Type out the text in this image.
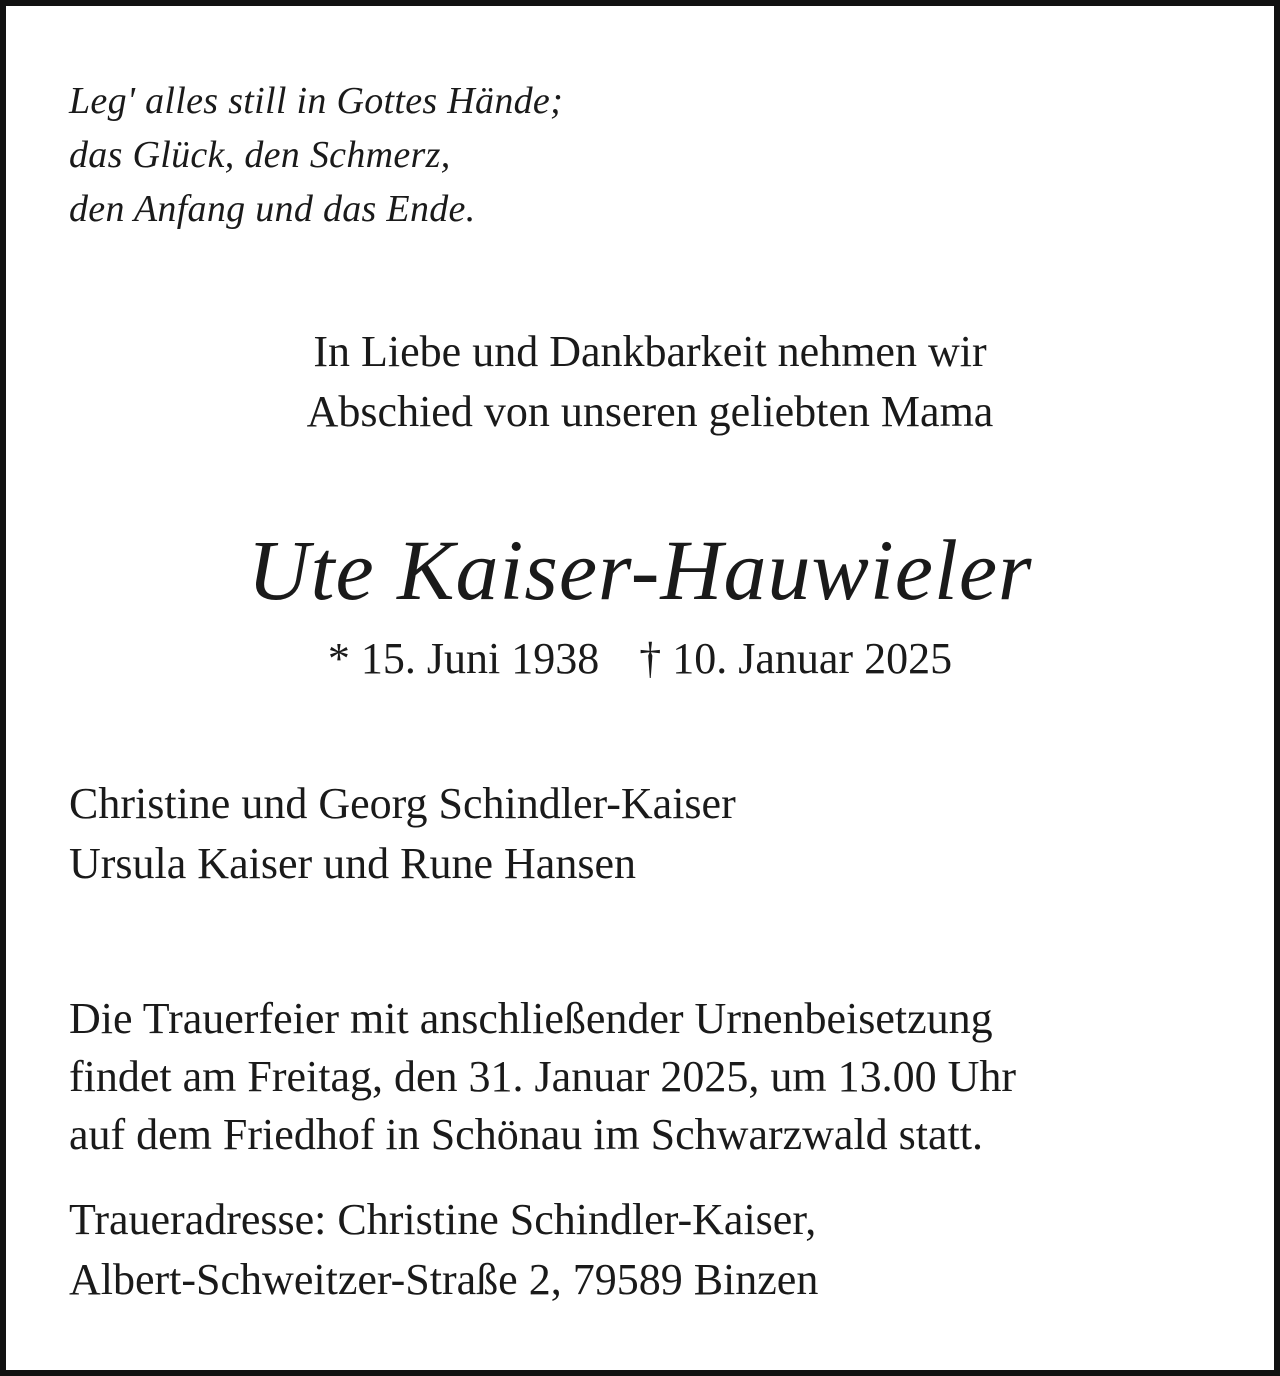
Leg' alles still in Gottes Hände;
das Glück, den Schmerz,
den Anfang und das Ende.
In Liebe und Dankbarkeit nehmen wir
Abschied von unseren geliebten Mama
Ute Kaiser-Hauwieler
* 15. Juni 1938 † 10. Januar 2025
Christine und Georg Schindler-Kaiser
Ursula Kaiser und Rune Hansen
Die Trauerfeier mit anschließender Urnenbeisetzung
findet am Freitag, den 31. Januar 2025, um 13.00 Uhr
auf dem Friedhof in Schönau im Schwarzwald statt.
Traueradresse: Christine Schindler-Kaiser,
Albert-Schweitzer-Straße 2, 79589 Binzen
